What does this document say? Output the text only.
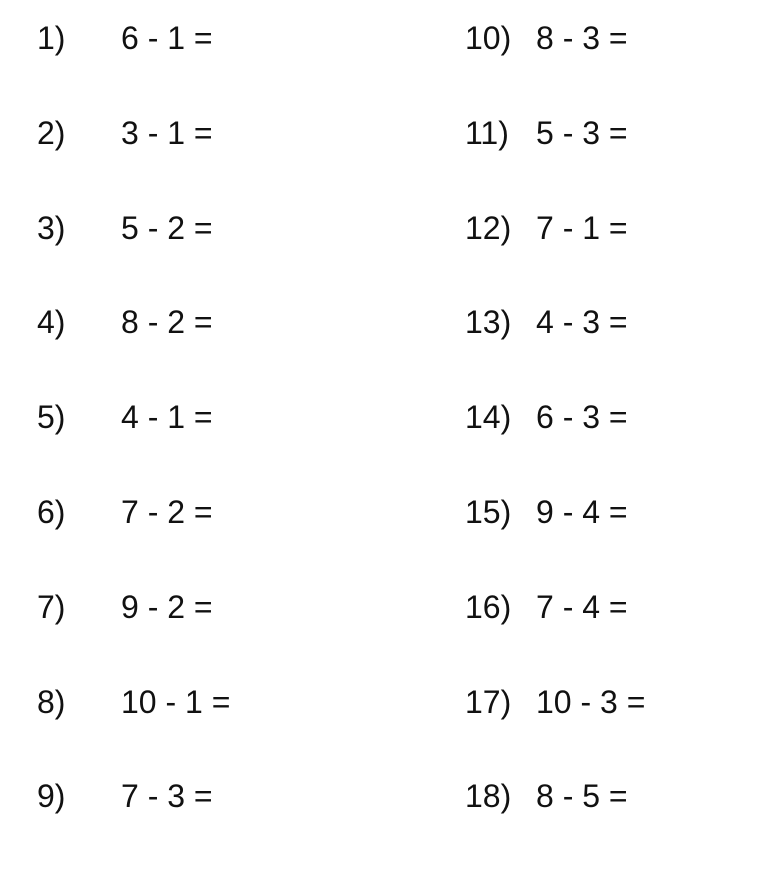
1)	6 - 1 =
2)	3 - 1 =
3)	5 - 2 =
4)	8 - 2 =
5)	4 - 1 =
6)	7 - 2 =
7)	9 - 2 =
8)	10 - 1 =
9)	7 - 3 =
10) 8 - 3 =
11) 5 - 3 =
12) 7 - 1 =
13) 4 - 3 =
14) 6 - 3 =
15) 9 - 4 =
16) 7 - 4 =
17) 10 - 3 =
18) 8 - 5 =
